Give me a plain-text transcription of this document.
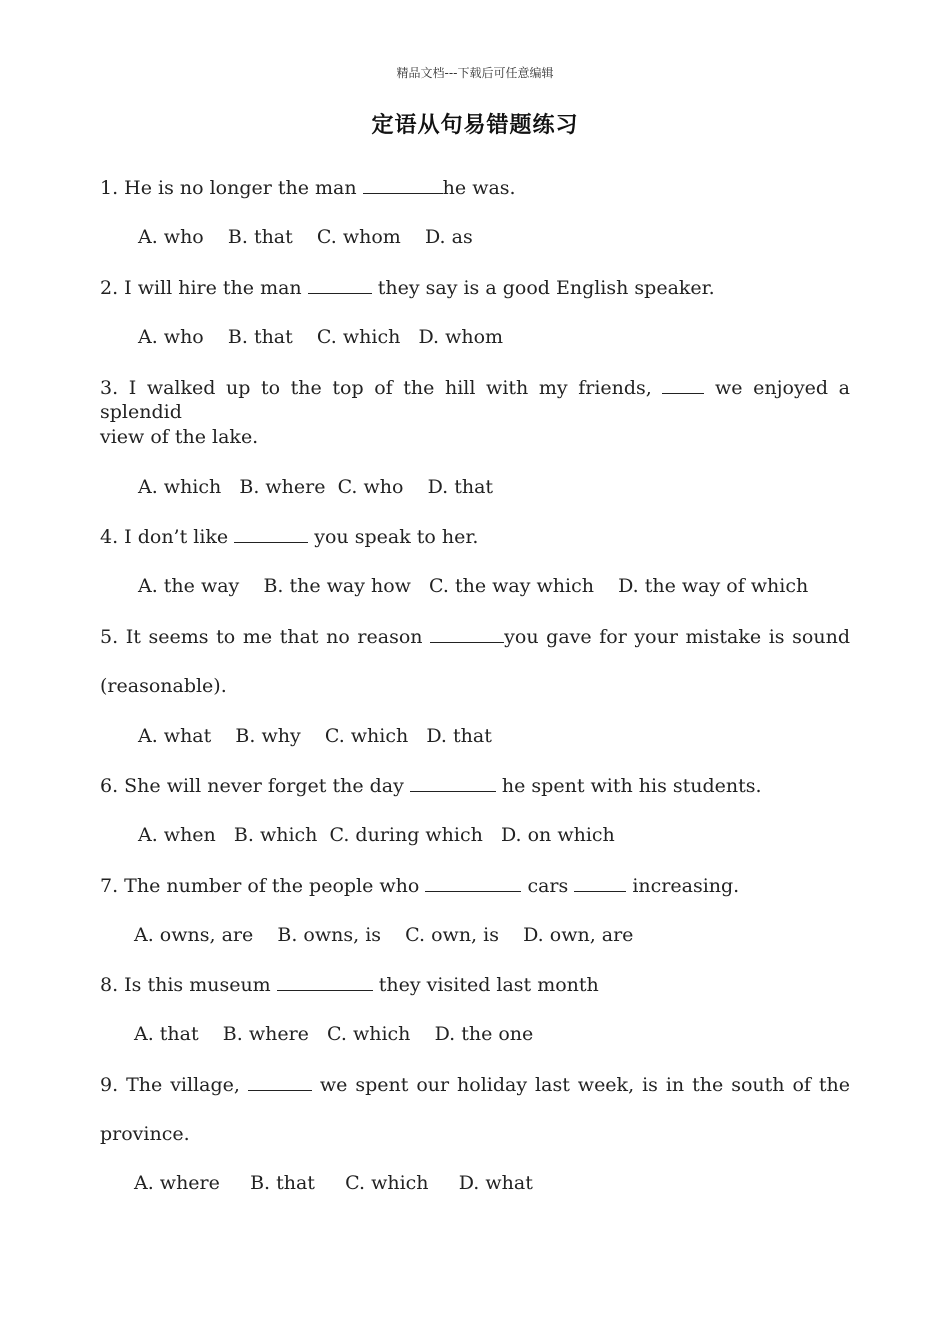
精品文档---下载后可任意编辑
定语从句易错题练习
1. He is no longer the man	he was.
A. who    B. that    C. whom    D. as
2. I will hire the man	they say is a good English speaker.
A. who    B. that    C. which   D. whom
3. I walked up to the top of the hill with my friends,  we enjoyed a splendid
view of the lake.
A. which   B. where  C. who    D. that
4. I don’t like	you speak to her.
A. the way    B. the way how   C. the way which    D. the way of which
5. It seems to me that no reason	you gave for your mistake is sound
(reasonable).
A. what    B. why    C. which   D. that
6. She will never forget the day	he spent with his students.
A. when   B. which  C. during which   D. on which
7. The number of the people who	cars	increasing.
A. owns, are    B. owns, is    C. own, is    D. own, are
8. Is this museum	they visited last month
A. that    B. where   C. which    D. the one
9. The village,	we spent our holiday last week, is in the south of the
province.
A. where     B. that     C. which     D. what
